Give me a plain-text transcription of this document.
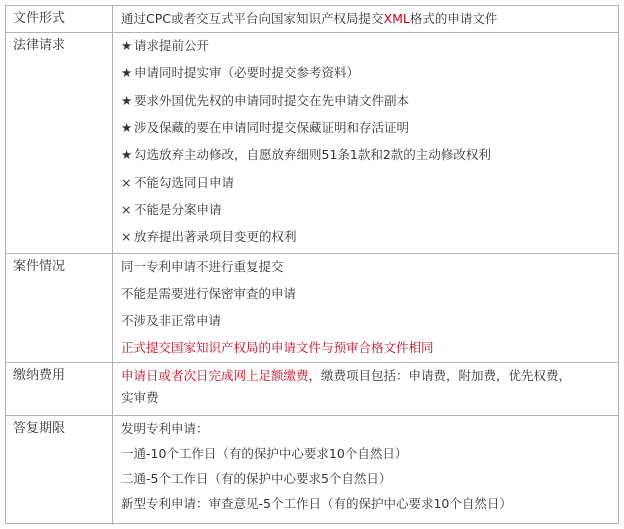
文件形式	通过CPC或者交互式平台向国家知识产权局提交XML格式的申请文件
法律请求	★ 请求提前公开
★ 申请同时提实审（必要时提交参考资料）
★ 要求外国优先权的申请同时提交在先申请文件副本
★ 涉及保藏的要在申请同时提交保藏证明和存活证明
★ 勾选放弃主动修改，自愿放弃细则51条1款和2款的主动修改权利
× 不能勾选同日申请
× 不能是分案申请
× 放弃提出著录项目变更的权利
案件情况	同一专利申请不进行重复提交
不能是需要进行保密审查的申请
不涉及非正常申请
正式提交国家知识产权局的申请文件与预审合格文件相同
缴纳费用	申请日或者次日完成网上足额缴费，缴费项目包括：申请费，附加费，优先权费，
实审费
答复期限	发明专利申请：
一通-10个工作日（有的保护中心要求10个自然日）
二通-5个工作日（有的保护中心要求5个自然日）
新型专利申请：审查意见-5个工作日（有的保护中心要求10个自然日）
